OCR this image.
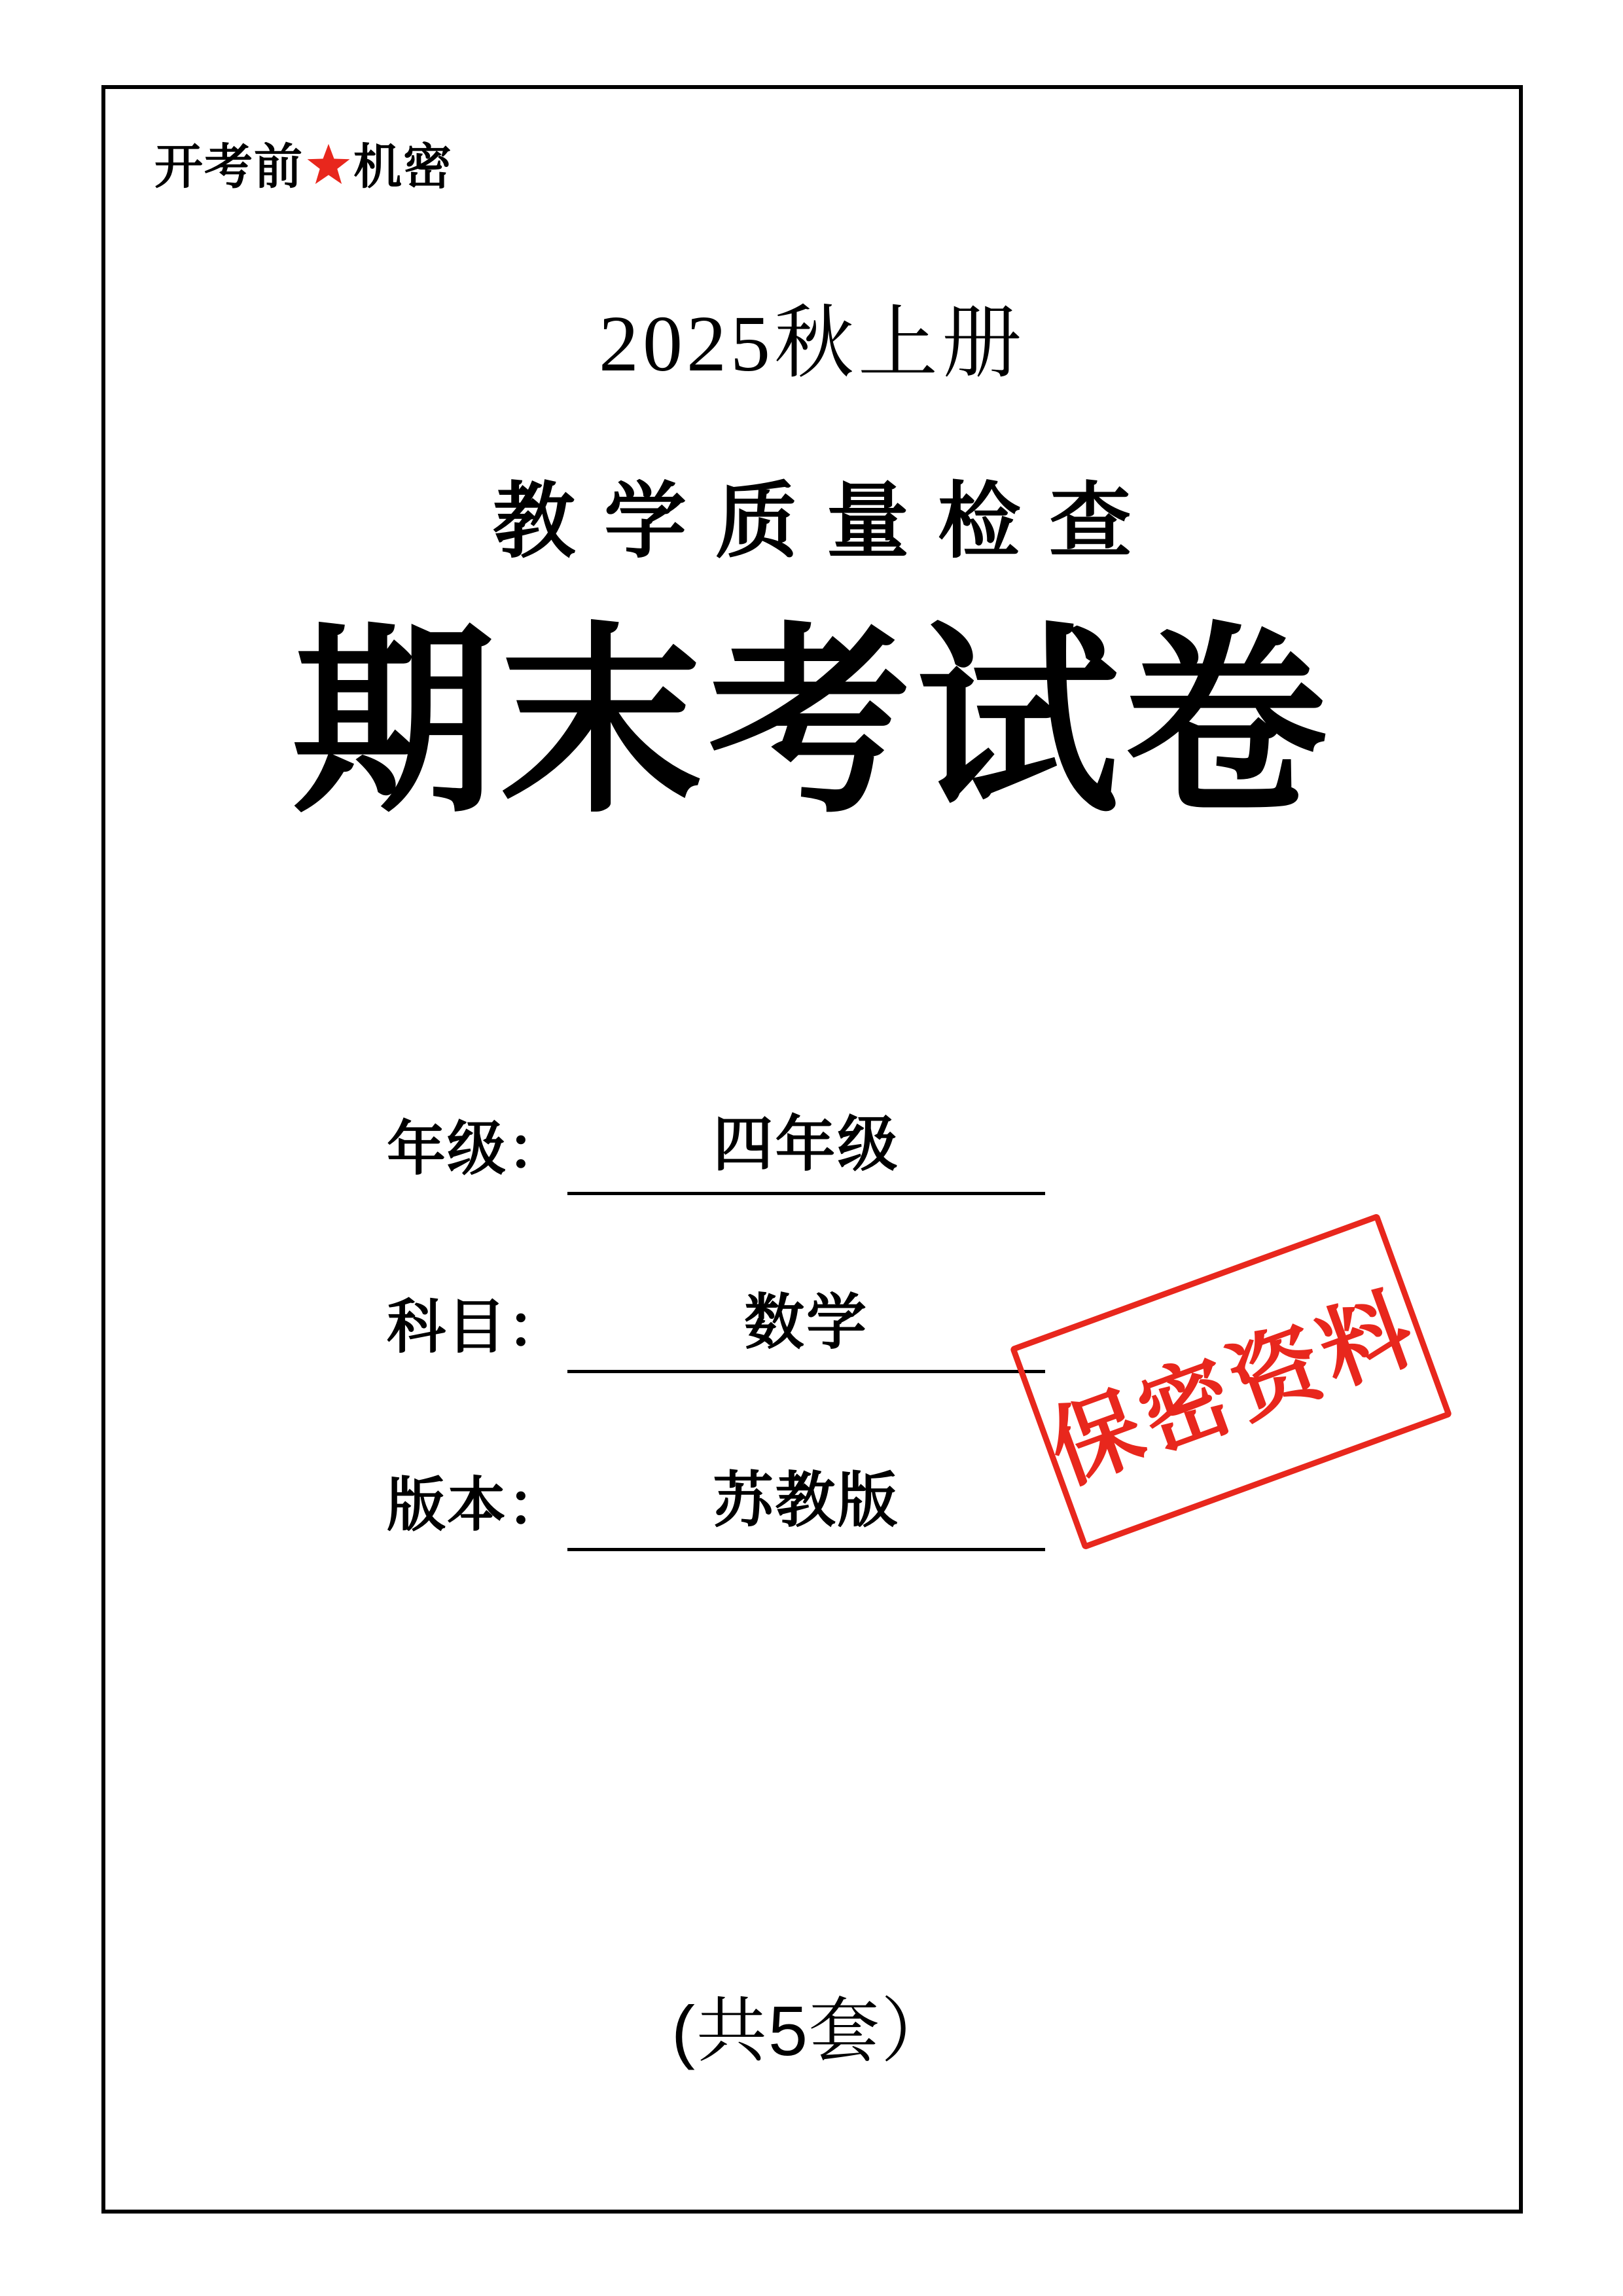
开考前 机密
2025秋上册
教学质量检查
期末考试卷
年级：	四年级
科目：	数学
版本：	苏教版	保密资料
(共5套）
